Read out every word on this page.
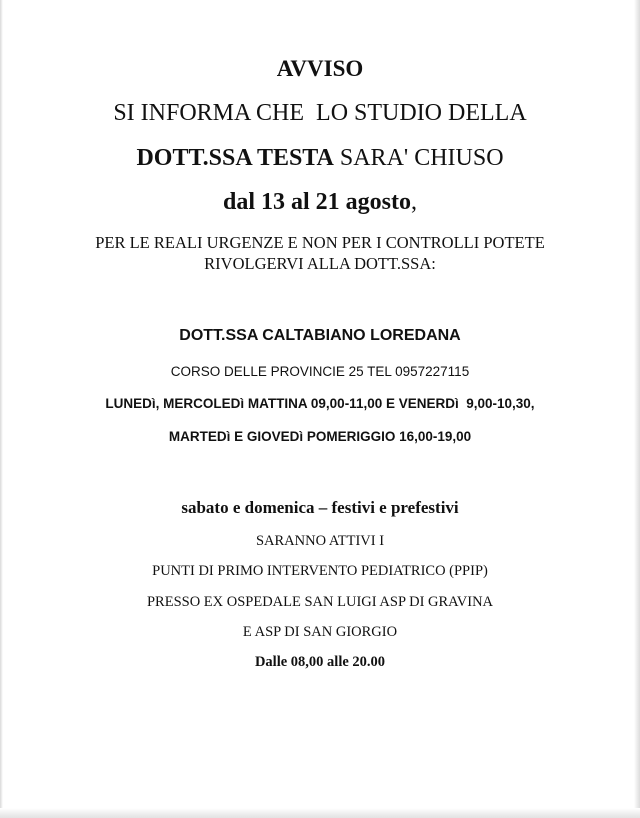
AVVISO
SI INFORMA CHE  LO STUDIO DELLA
DOTT.SSA TESTA SARA' CHIUSO
dal 13 al 21 agosto,
PER LE REALI URGENZE E NON PER I CONTROLLI POTETE
RIVOLGERVI ALLA DOTT.SSA:
DOTT.SSA CALTABIANO LOREDANA
CORSO DELLE PROVINCIE 25 TEL 0957227115
LUNEDì, MERCOLEDì MATTINA 09,00-11,00 E VENERDì  9,00-10,30,
MARTEDì E GIOVEDì POMERIGGIO 16,00-19,00
sabato e domenica – festivi e prefestivi
SARANNO ATTIVI I
PUNTI DI PRIMO INTERVENTO PEDIATRICO (PPIP)
PRESSO EX OSPEDALE SAN LUIGI ASP DI GRAVINA
E ASP DI SAN GIORGIO
Dalle 08,00 alle 20.00
